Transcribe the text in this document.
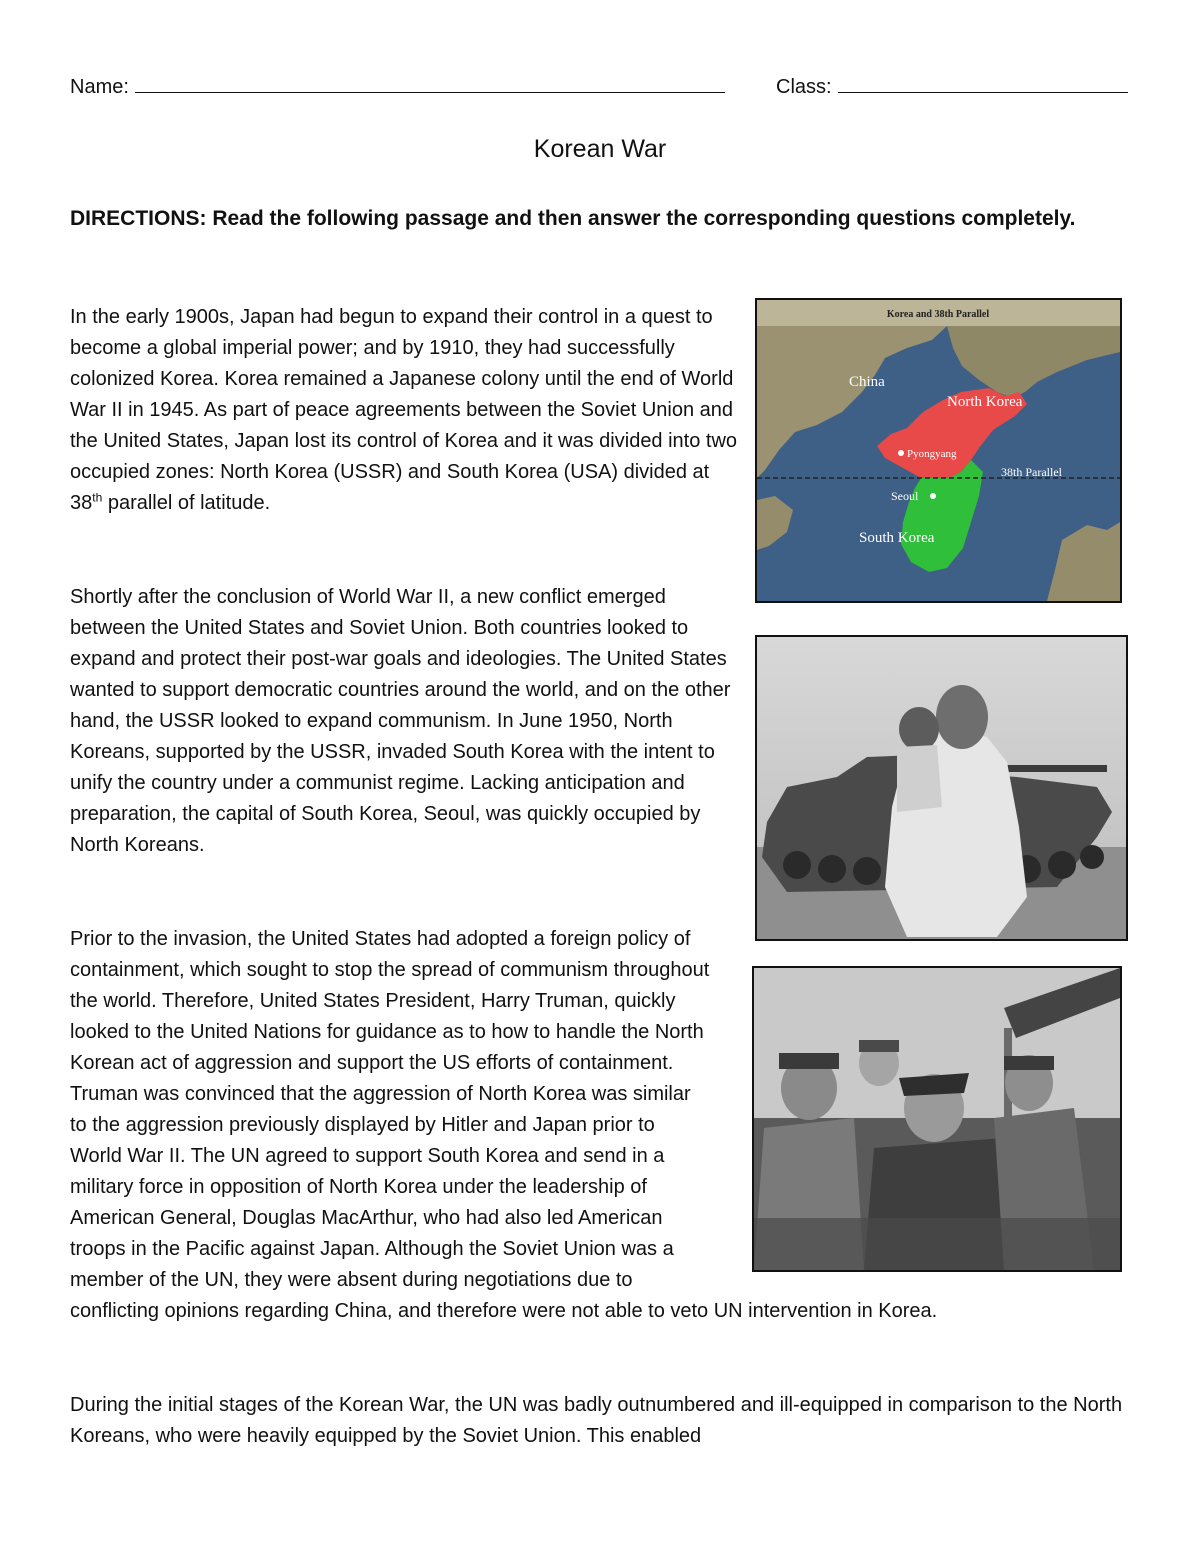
Name:	Class:
Korean War
DIRECTIONS: Read the following passage and then answer the corresponding questions completely.

In the early 1900s, Japan had begun to expand their control in a quest to become a global imperial power; and by 1910, they had successfully colonized Korea. Korea remained a Japanese colony until the end of World War II in 1945. As part of peace agreements between the Soviet Union and the United States, Japan lost its control of Korea and it was divided into two occupied zones: North Korea (USSR) and South Korea (USA) divided at 38th parallel of latitude.

Shortly after the conclusion of World War II, a new conflict emerged between the United States and Soviet Union. Both countries looked to expand and protect their post-war goals and ideologies. The United States wanted to support democratic countries around the world, and on the other hand, the USSR looked to expand communism. In June 1950, North Koreans, supported by the USSR, invaded South Korea with the intent to unify the country under a communist regime. Lacking anticipation and preparation, the capital of South Korea, Seoul, was quickly occupied by North Koreans.

Prior to the invasion, the United States had adopted a foreign policy of containment, which sought to stop the spread of communism throughout the world. Therefore, United States President, Harry Truman, quickly looked to the United Nations for guidance as to how to handle the North Korean act of aggression and support the US efforts of containment. Truman was convinced that the aggression of North Korea was similar to the aggression previously displayed by Hitler and Japan prior to World War II. The UN agreed to support South Korea and send in a military force in opposition of North Korea under the leadership of American General, Douglas MacArthur, who had also led American troops in the Pacific against Japan. Although the Soviet Union was a member of the UN, they were absent during negotiations due to conflicting opinions regarding China, and therefore were not able to veto UN intervention in Korea.

During the initial stages of the Korean War, the UN was badly outnumbered and ill-equipped in comparison to the North Koreans, who were heavily equipped by the Soviet Union. This enabled

Korea and 38th Parallel
China
North Korea
Pyongyang
38th Parallel
Seoul
South Korea
